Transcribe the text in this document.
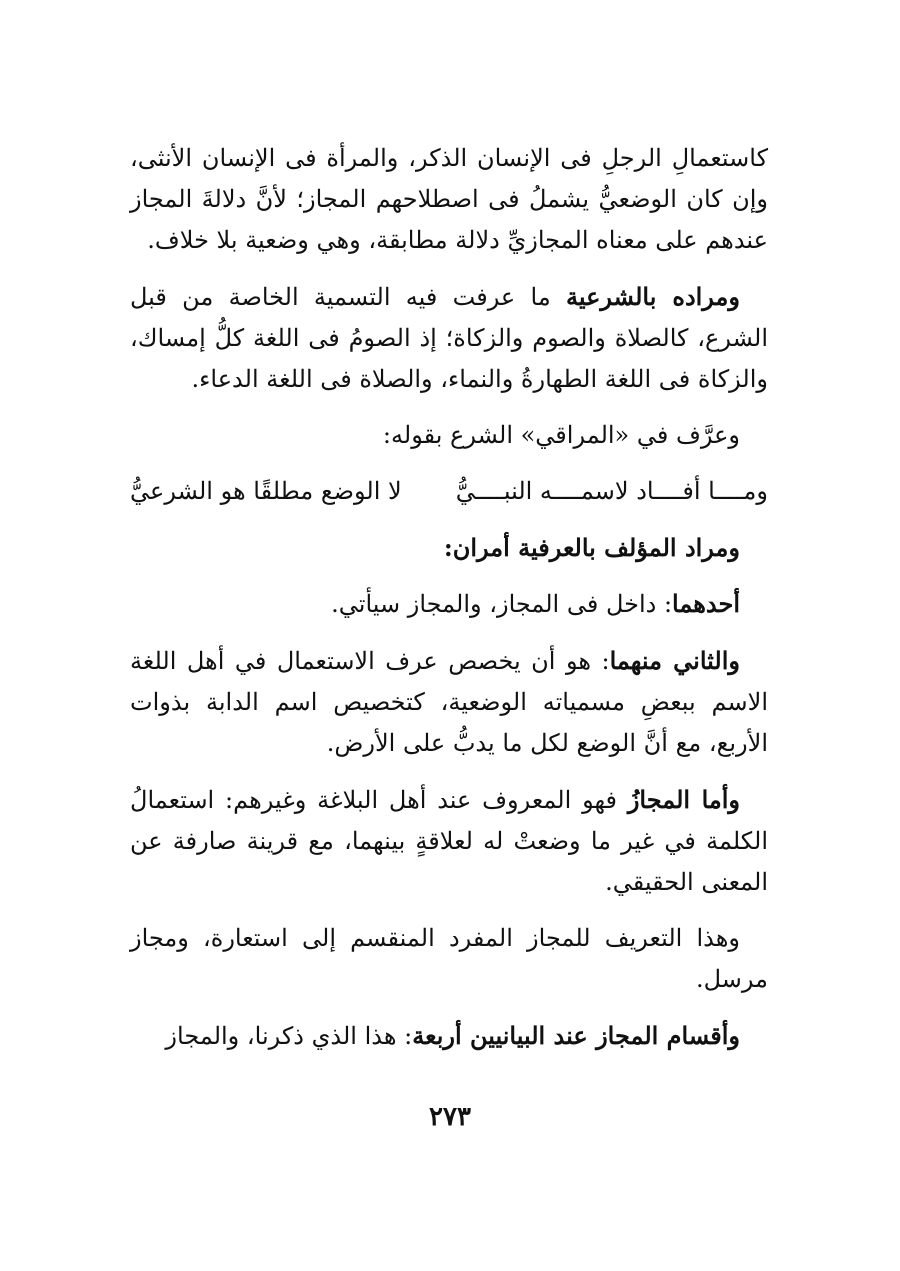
كاستعمالِ الرجلِ فى الإنسان الذكر، والمرأة فى الإنسان الأنثى، وإن كان الوضعيُّ يشملُ فى اصطلاحهم المجاز؛ لأنَّ دلالةَ المجاز عندهم على معناه المجازيِّ دلالة مطابقة، وهي وضعية بلا خلاف.

ومراده بالشرعية ما عرفت فيه التسمية الخاصة من قبل الشرع، كالصلاة والصوم والزكاة؛ إذ الصومُ فى اللغة كلُّ إمساك، والزكاة فى اللغة الطهارةُ والنماء، والصلاة فى اللغة الدعاء.

وعرَّف في «المراقي» الشرع بقوله:

ومــــا أفــــاد لاسمــــه النبــــيُّ
لا الوضع مطلقًا هو الشرعيُّ

ومراد المؤلف بالعرفية أمران:

أحدهما: داخل فى المجاز، والمجاز سيأتي.

والثاني منهما: هو أن يخصص عرف الاستعمال في أهل اللغة الاسم ببعضِ مسمياته الوضعية، كتخصيص اسم الدابة بذوات الأربع، مع أنَّ الوضع لكل ما يدبُّ على الأرض.

وأما المجازُ فهو المعروف عند أهل البلاغة وغيرهم: استعمالُ الكلمة في غير ما وضعتْ له لعلاقةٍ بينهما، مع قرينة صارفة عن المعنى الحقيقي.

وهذا التعريف للمجاز المفرد المنقسم إلى استعارة، ومجاز مرسل.

وأقسام المجاز عند البيانيين أربعة: هذا الذي ذكرنا، والمجاز

٢٧٣
